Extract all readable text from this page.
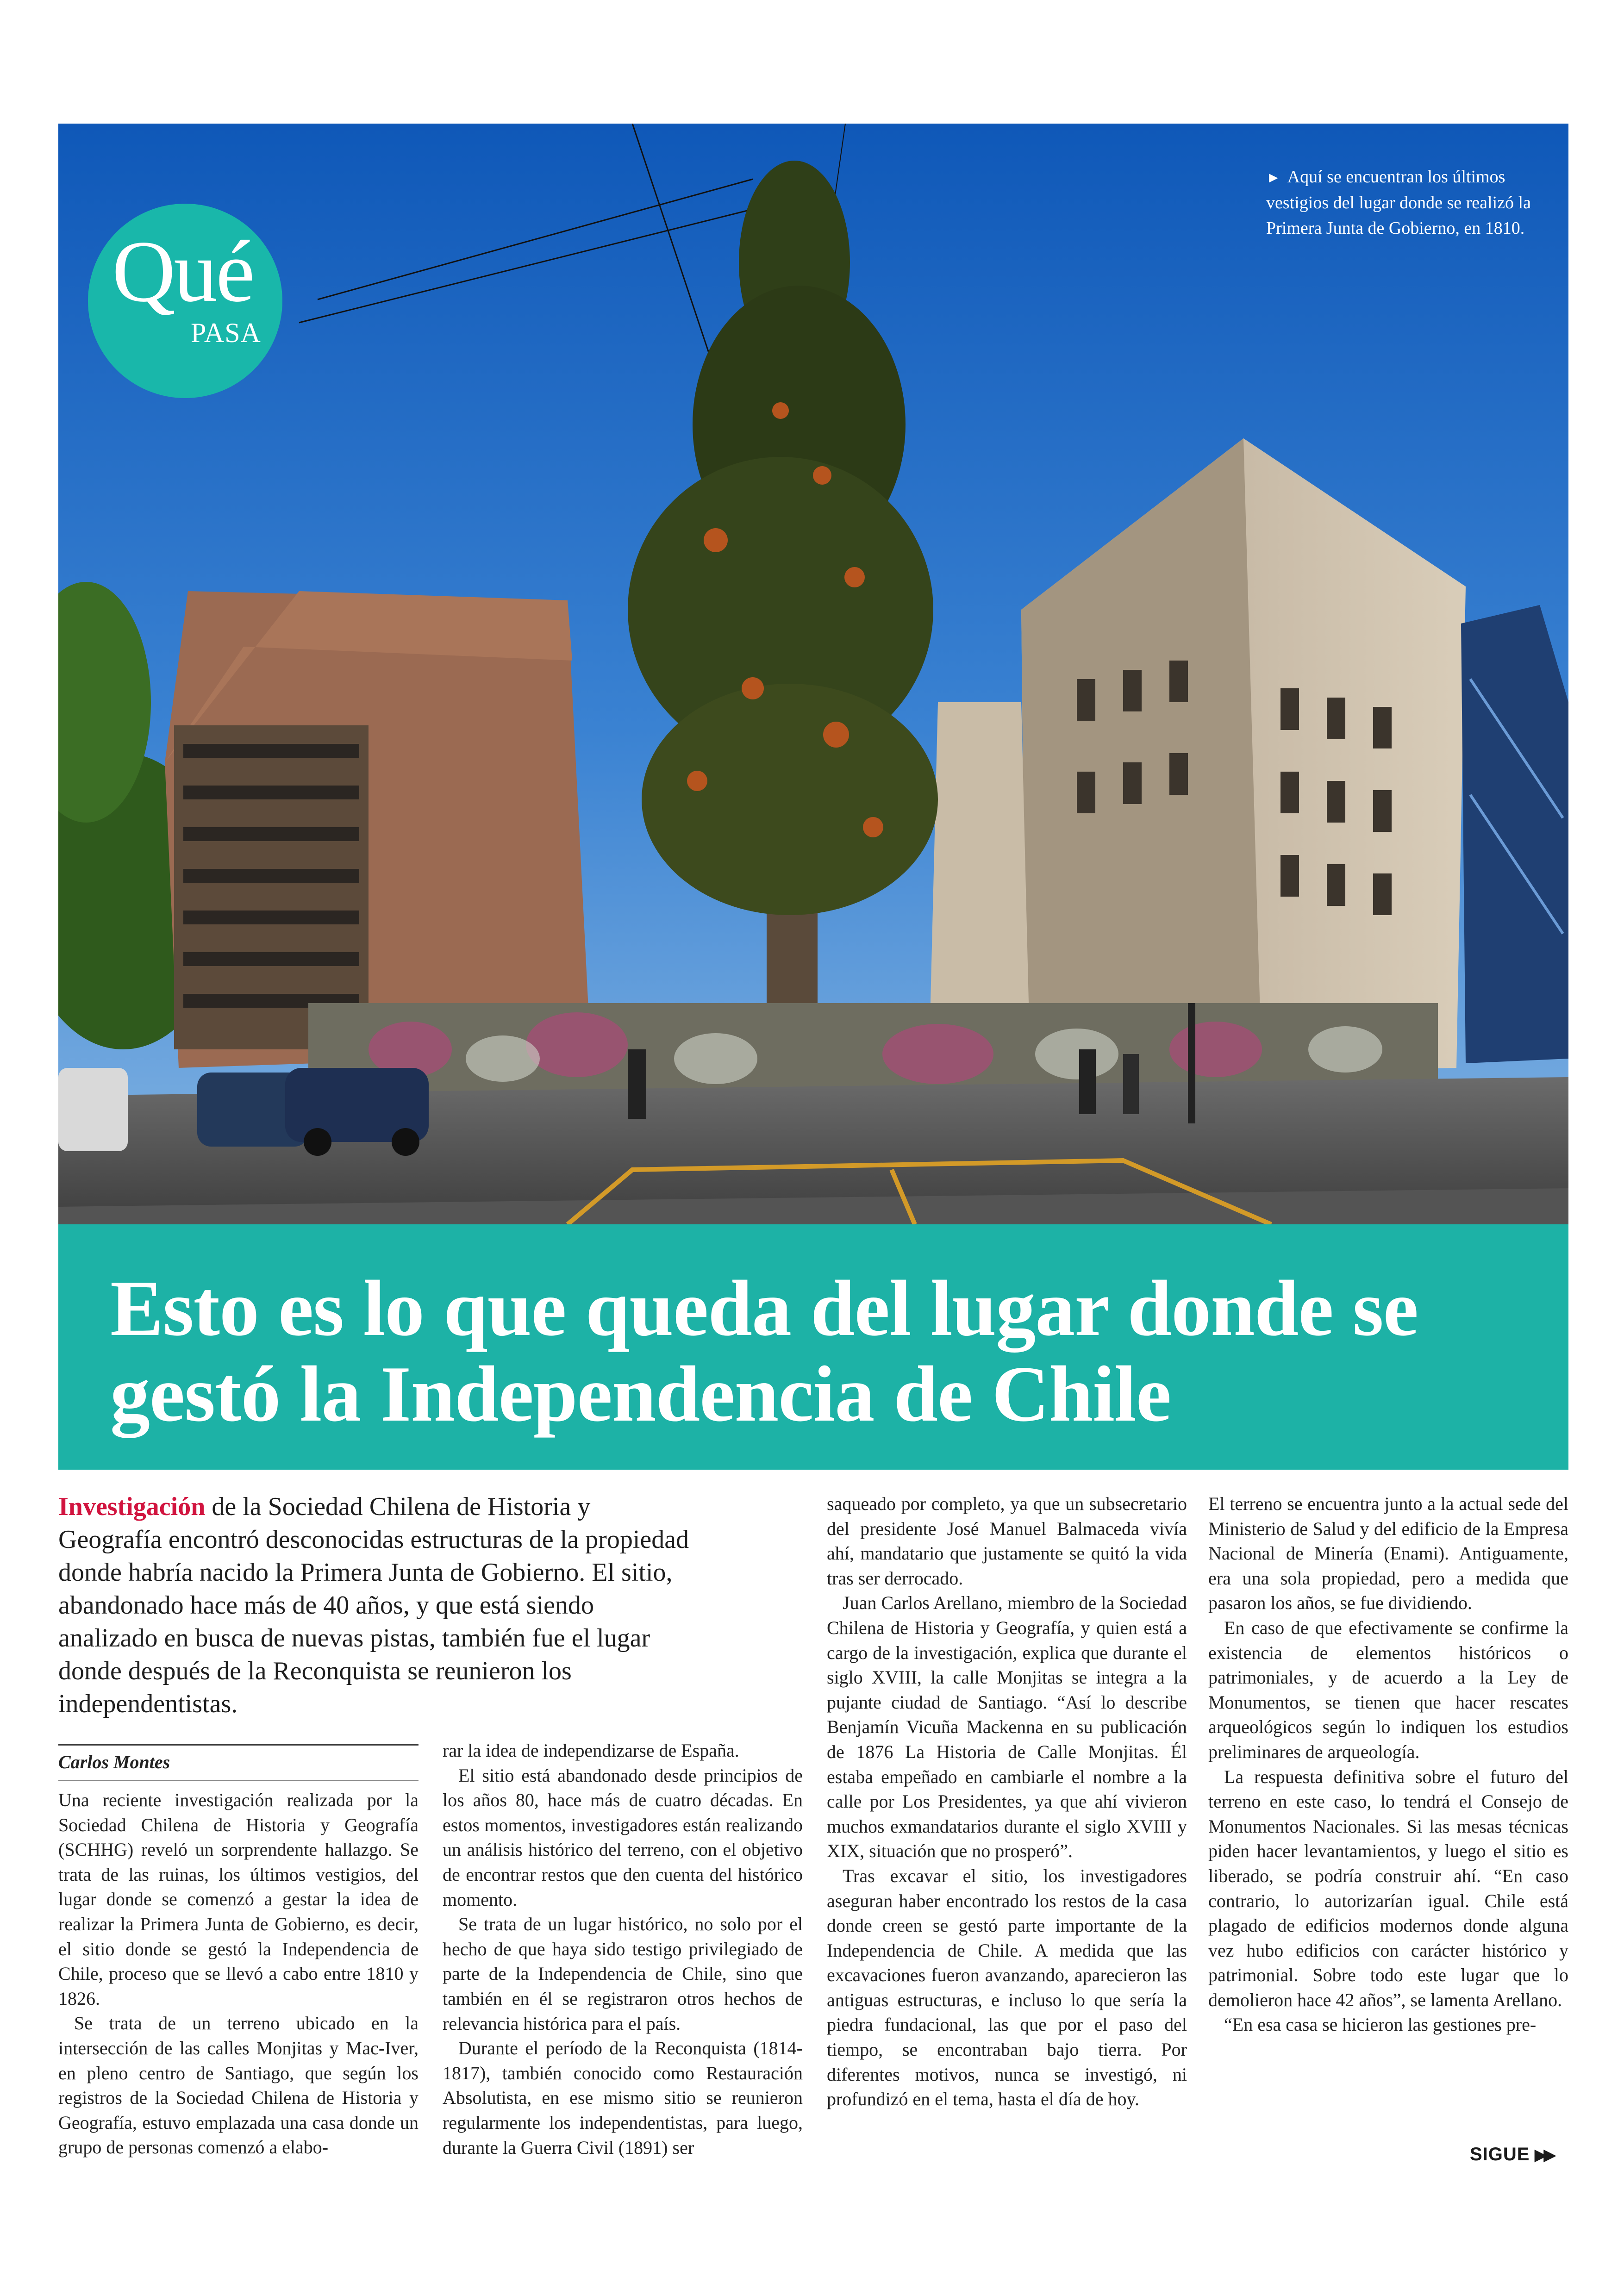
Qué
PASA
► Aquí se encuentran los últimos vestigios del lugar donde se realizó la Primera Junta de Gobierno, en 1810.
Esto es lo que queda del lugar donde se gestó la Independencia de Chile
Investigación de la Sociedad Chilena de Historia y Geografía encontró desconocidas estructuras de la propiedad donde habría nacido la Primera Junta de Gobierno. El sitio, abandonado hace más de 40 años, y que está siendo analizado en busca de nuevas pistas, también fue el lugar donde después de la Reconquista se reunieron los independentistas.
Carlos Montes

Una reciente investigación realizada por la Sociedad Chilena de Historia y Geografía (SCHHG) reveló un sorprendente hallazgo. Se trata de las ruinas, los últimos vestigios, del lugar donde se comenzó a gestar la idea de realizar la Primera Junta de Gobierno, es decir, el sitio donde se gestó la Independencia de Chile, proceso que se llevó a cabo entre 1810 y 1826.

Se trata de un terreno ubicado en la intersección de las calles Monjitas y Mac-Iver, en pleno centro de Santiago, que según los registros de la Sociedad Chilena de Historia y Geografía, estuvo emplazada una casa donde un grupo de personas comenzó a elabo-

rar la idea de independizarse de España.

El sitio está abandonado desde principios de los años 80, hace más de cuatro décadas. En estos momentos, investigadores están realizando un análisis histórico del terreno, con el objetivo de encontrar restos que den cuenta del histórico momento.

Se trata de un lugar histórico, no solo por el hecho de que haya sido testigo privilegiado de parte de la Independencia de Chile, sino que también en él se registraron otros hechos de relevancia histórica para el país.

Durante el período de la Reconquista (1814-1817), también conocido como Restauración Absolutista, en ese mismo sitio se reunieron regularmente los independentistas, para luego, durante la Guerra Civil (1891) ser

saqueado por completo, ya que un subsecretario del presidente José Manuel Balmaceda vivía ahí, mandatario que justamente se quitó la vida tras ser derrocado.

Juan Carlos Arellano, miembro de la Sociedad Chilena de Historia y Geografía, y quien está a cargo de la investigación, explica que durante el siglo XVIII, la calle Monjitas se integra a la pujante ciudad de Santiago. “Así lo describe Benjamín Vicuña Mackenna en su publicación de 1876 La Historia de Calle Monjitas. Él estaba empeñado en cambiarle el nombre a la calle por Los Presidentes, ya que ahí vivieron muchos exmandatarios durante el siglo XVIII y XIX, situación que no prosperó”.

Tras excavar el sitio, los investigadores aseguran haber encontrado los restos de la casa donde creen se gestó parte importante de la Independencia de Chile. A medida que las excavaciones fueron avanzando, aparecieron las antiguas estructuras, e incluso lo que sería la piedra fundacional, las que por el paso del tiempo, se encontraban bajo tierra. Por diferentes motivos, nunca se investigó, ni profundizó en el tema, hasta el día de hoy.

El terreno se encuentra junto a la actual sede del Ministerio de Salud y del edificio de la Empresa Nacional de Minería (Enami). Antiguamente, era una sola propiedad, pero a medida que pasaron los años, se fue dividiendo.

En caso de que efectivamente se confirme la existencia de elementos históricos o patrimoniales, y de acuerdo a la Ley de Monumentos, se tienen que hacer rescates arqueológicos según lo indiquen los estudios preliminares de arqueología.

La respuesta definitiva sobre el futuro del terreno en este caso, lo tendrá el Consejo de Monumentos Nacionales. Si las mesas técnicas piden hacer levantamientos, y luego el sitio es liberado, se podría construir ahí. “En caso contrario, lo autorizarían igual. Chile está plagado de edificios modernos donde alguna vez hubo edificios con carácter histórico y patrimonial. Sobre todo este lugar que lo demolieron hace 42 años”, se lamenta Arellano.

“En esa casa se hicieron las gestiones pre-

SIGUE ▶▶
